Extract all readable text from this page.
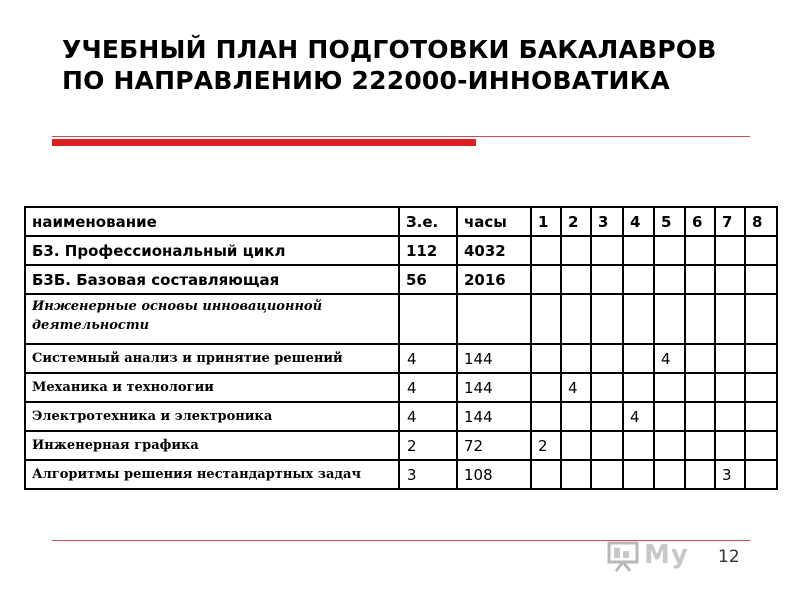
УЧЕБНЫЙ ПЛАН ПОДГОТОВКИ БАКАЛАВРОВ ПО НАПРАВЛЕНИЮ 222000-ИННОВАТИКА
наименование	З.е.	часы	1	2	3	4	5	6	7	8
Б3. Профессиональный цикл	112	4032								
Б3Б. Базовая составляющая	56	2016								
Инженерные основы инновационной деятельности										
Системный анализ и принятие решений	4	144					4			
Механика и технологии	4	144		4						
Электротехника и электроника	4	144				4				
Инженерная графика	2	72	2							
Алгоритмы решения нестандартных задач	3	108							3	
My 12
